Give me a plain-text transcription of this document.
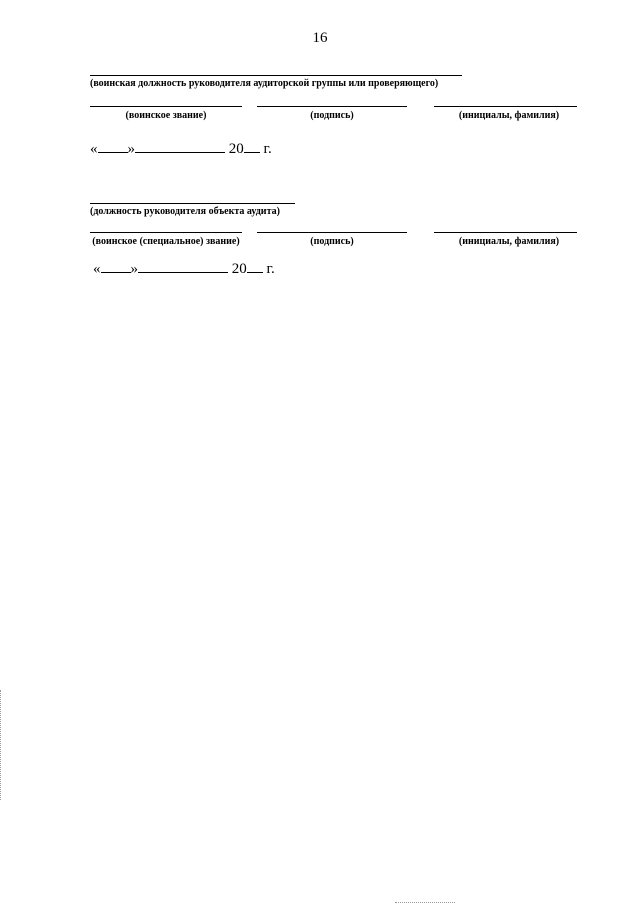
16
(воинская должность руководителя аудиторской группы или проверяющего)
(воинское звание)	(подпись)	(инициалы, фамилия)
« »	20 г.
(должность руководителя объекта аудита)
(воинское (специальное) звание)	(подпись)	(инициалы, фамилия)
« »	20 г.
